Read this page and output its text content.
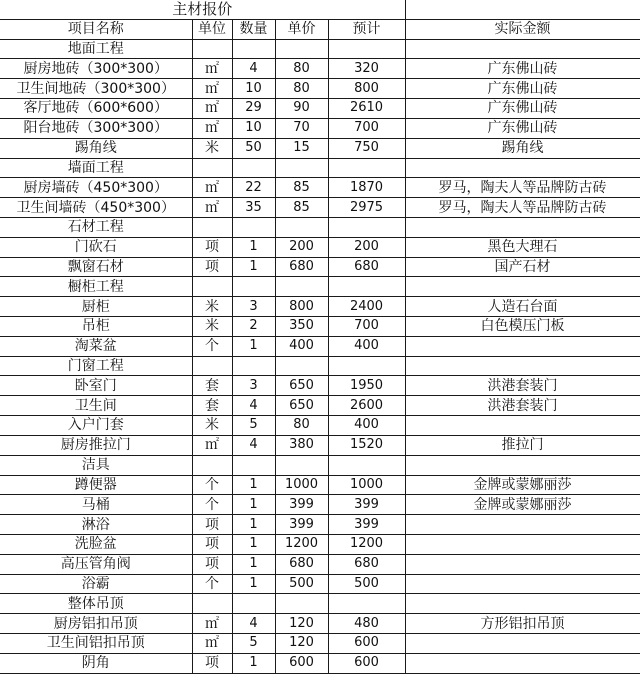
主材报价					
项目名称	单位	数量	单价	预计	实际金额
地面工程					
厨房地砖（300*300）	㎡	4	80	320	广东佛山砖
卫生间地砖（300*300）	㎡	10	80	800	广东佛山砖
客厅地砖（600*600）	㎡	29	90	2610	广东佛山砖
阳台地砖（300*300）	㎡	10	70	700	广东佛山砖
踢角线	米	50	15	750	踢角线
墙面工程					
厨房墙砖（450*300）	㎡	22	85	1870	罗马，陶夫人等品牌防古砖
卫生间墙砖（450*300）	㎡	35	85	2975	罗马，陶夫人等品牌防古砖
石材工程					
门砍石	项	1	200	200	黑色大理石
飘窗石材	项	1	680	680	国产石材
橱柜工程					
厨柜	米	3	800	2400	人造石台面
吊柜	米	2	350	700	白色模压门板
淘菜盆	个	1	400	400	
门窗工程					
卧室门	套	3	650	1950	洪港套装门
卫生间	套	4	650	2600	洪港套装门
入户门套	米	5	80	400	
厨房推拉门	㎡	4	380	1520	推拉门
洁具					
蹲便器	个	1	1000	1000	金牌或蒙娜丽莎
马桶	个	1	399	399	金牌或蒙娜丽莎
淋浴	项	1	399	399	
洗脸盆	项	1	1200	1200	
高压管角阀	项	1	680	680	
浴霸	个	1	500	500	
整体吊顶					
厨房铝扣吊顶	㎡	4	120	480	方形铝扣吊顶
卫生间铝扣吊顶	㎡	5	120	600	
阴角	项	1	600	600	
